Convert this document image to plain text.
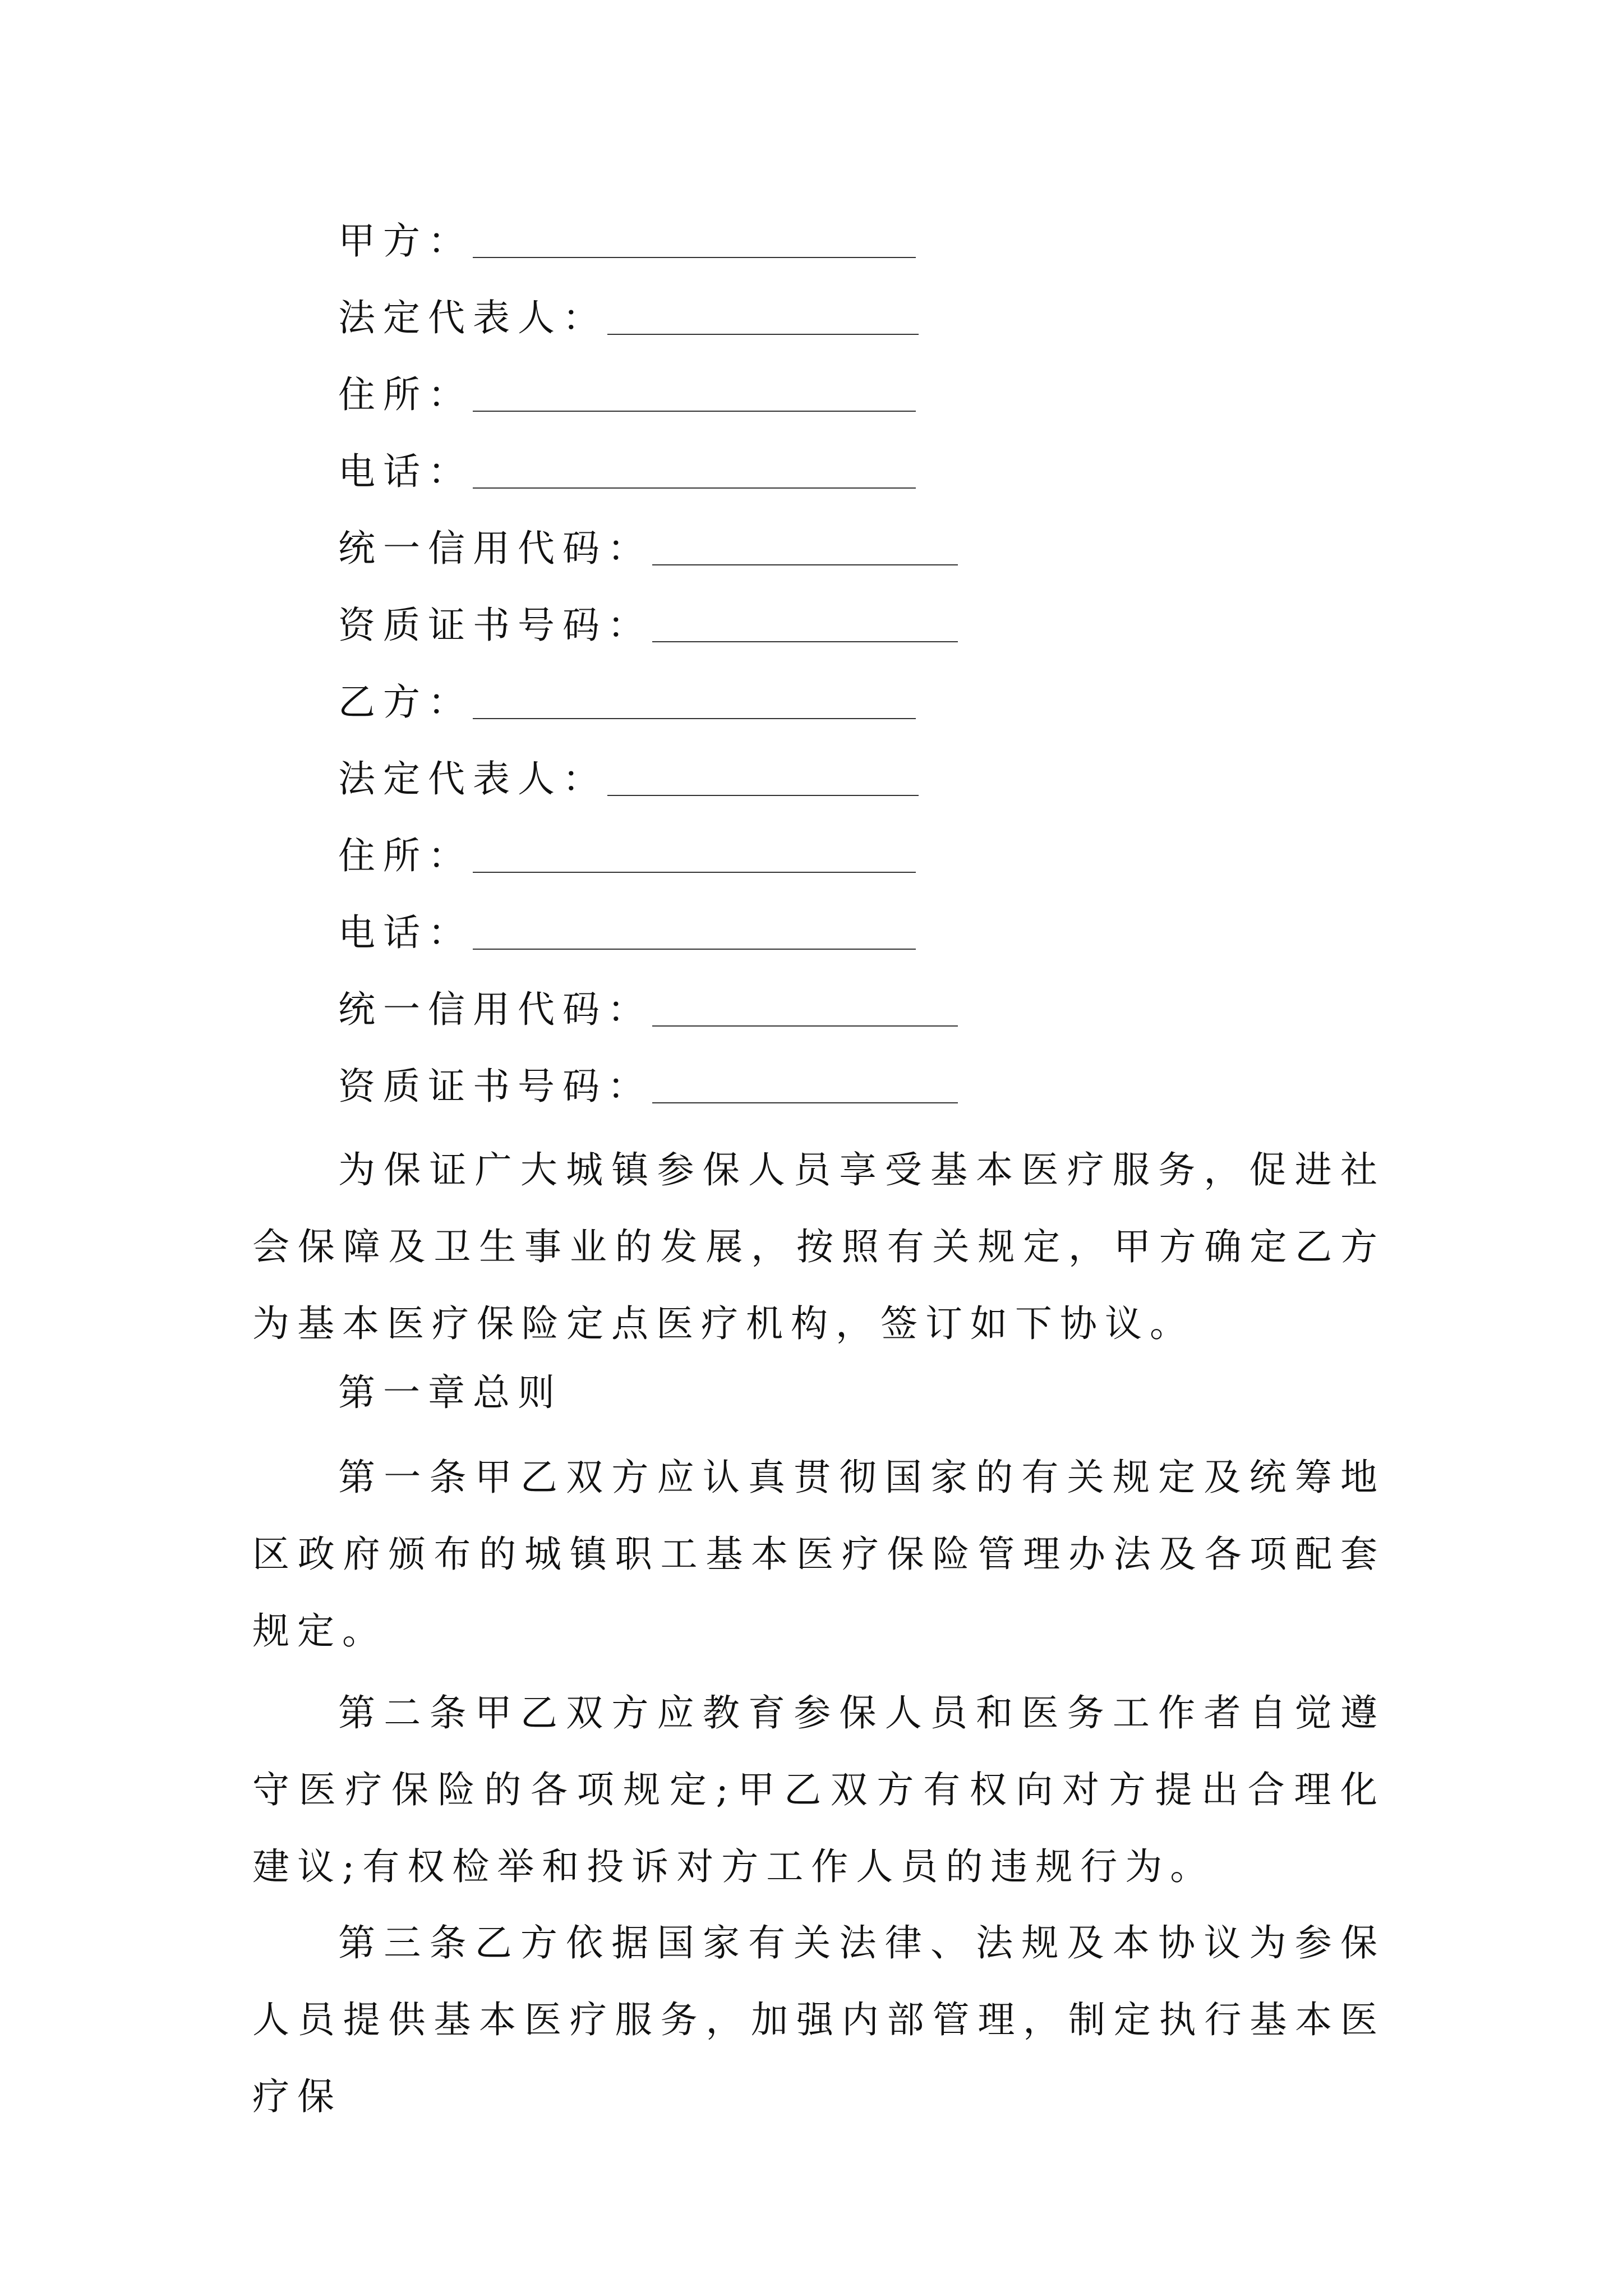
甲方：
法定代表人：
住所：
电话：
统一信用代码：
资质证书号码：
乙方：
法定代表人：
住所：
电话：
统一信用代码：
资质证书号码：

为保证广大城镇参保人员享受基本医疗服务，促进社会保障及卫生事业的发展，按照有关规定，甲方确定乙方为基本医疗保险定点医疗机构，签订如下协议。

第一章总则

第一条甲乙双方应认真贯彻国家的有关规定及统筹地区政府颁布的城镇职工基本医疗保险管理办法及各项配套规定。

第二条甲乙双方应教育参保人员和医务工作者自觉遵守医疗保险的各项规定;甲乙双方有权向对方提出合理化建议;有权检举和投诉对方工作人员的违规行为。

第三条乙方依据国家有关法律、法规及本协议为参保人员提供基本医疗服务，加强内部管理，制定执行基本医疗保
